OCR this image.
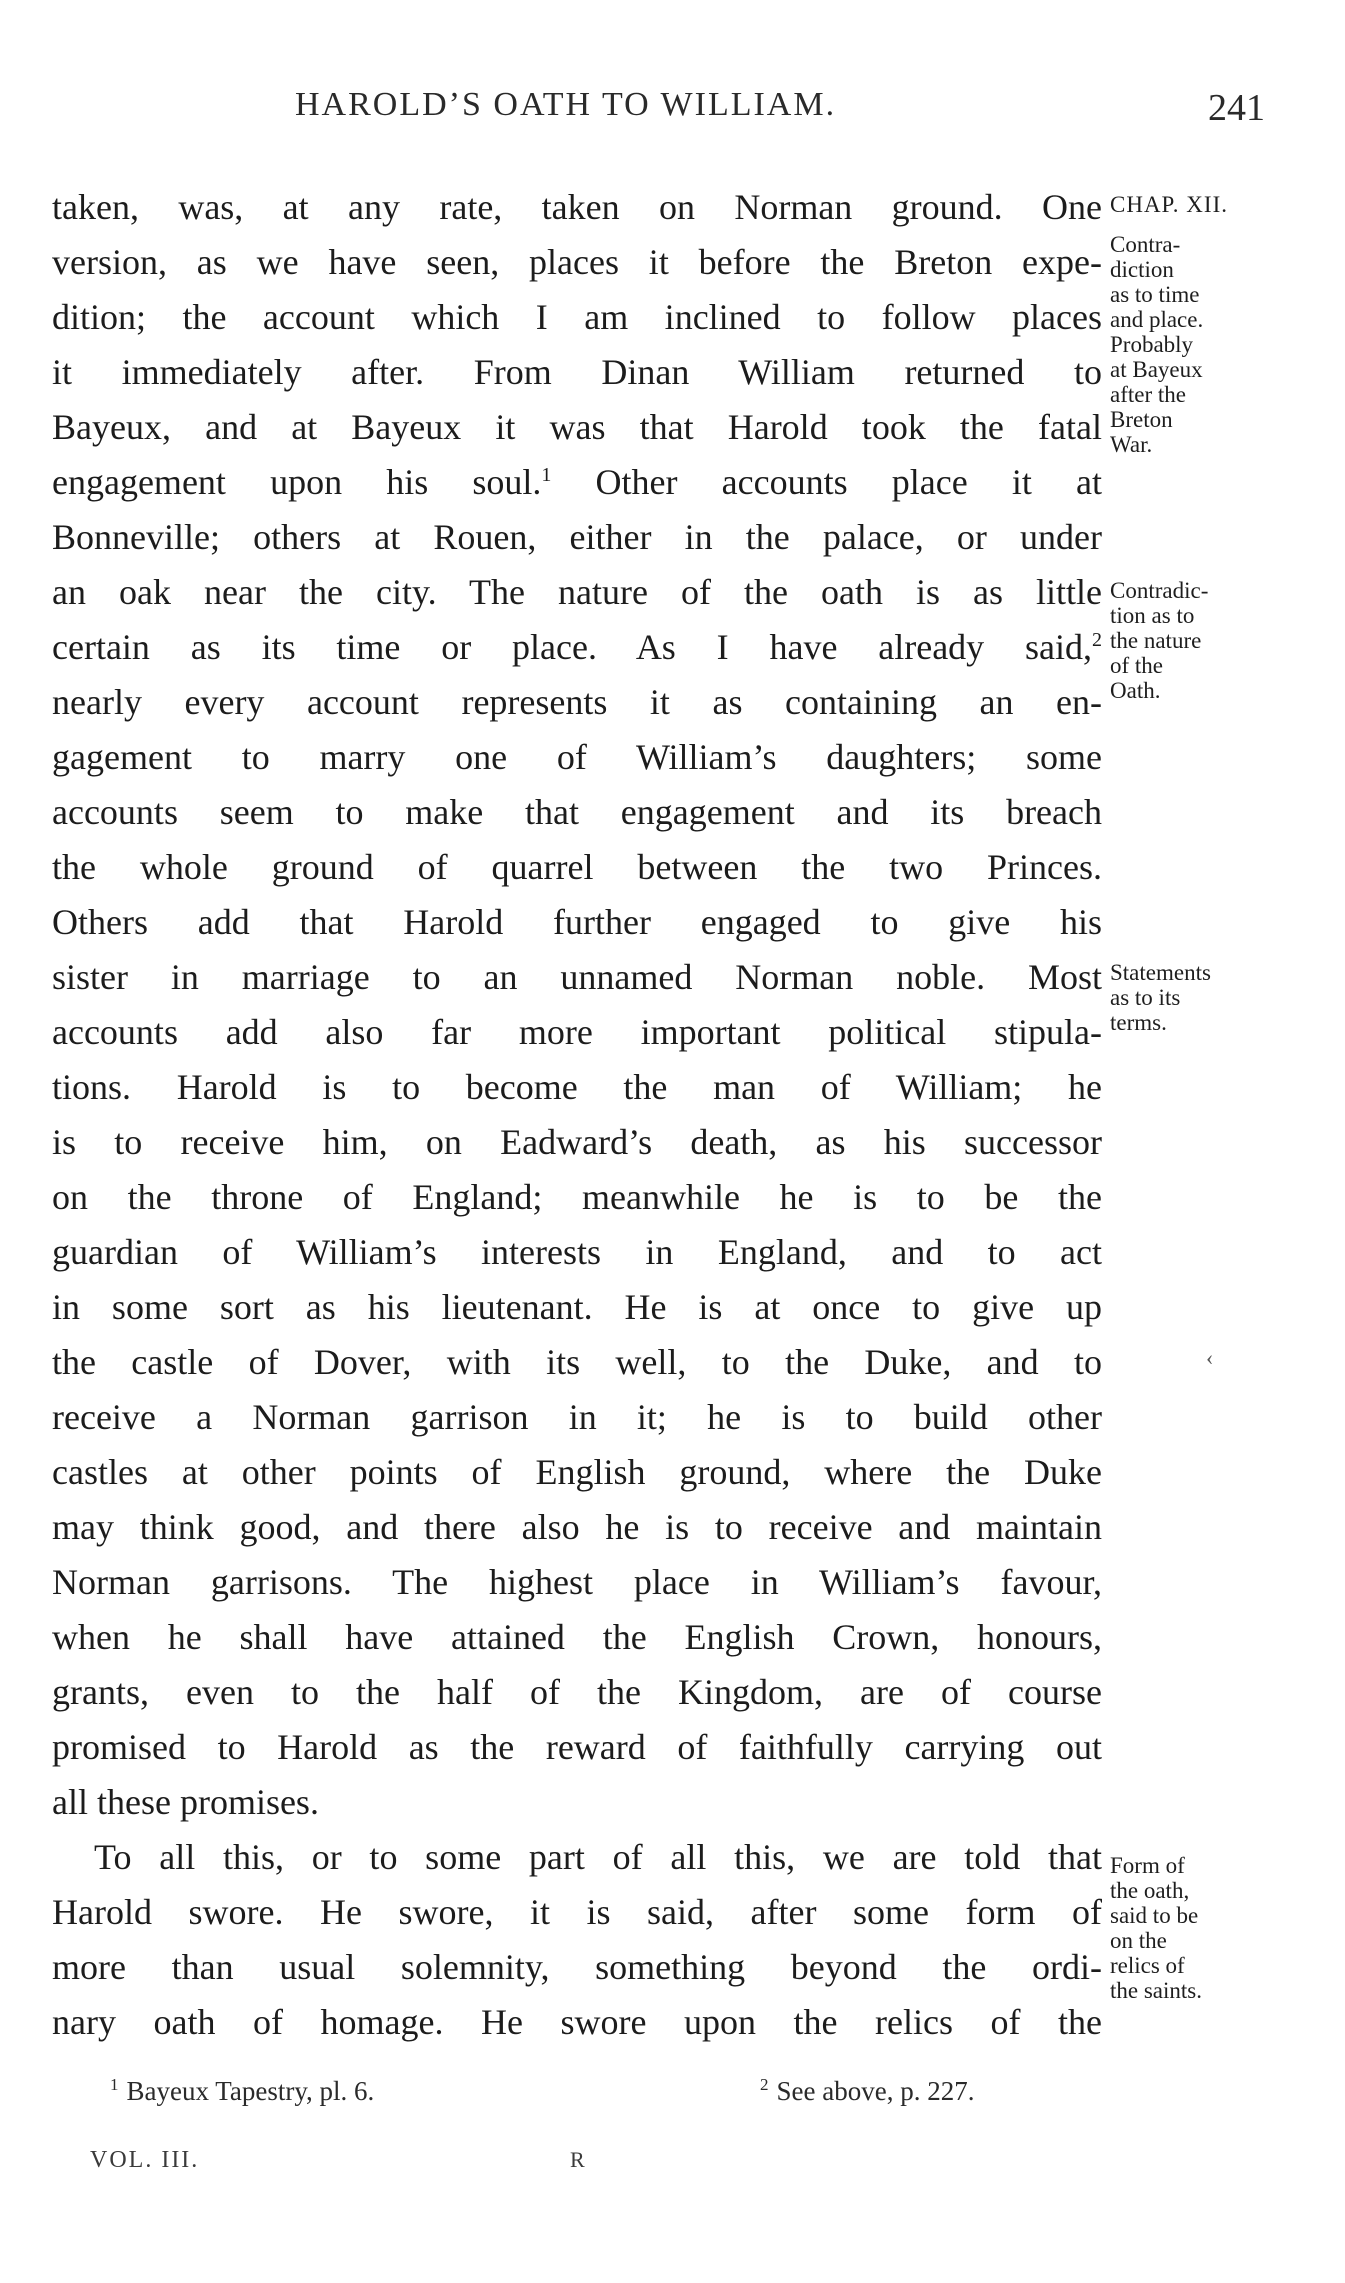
HAROLD’S OATH TO WILLIAM.	241
taken, was, at any rate, taken on Norman ground. One
version, as we have seen, places it before the Breton expe-
dition; the account which I am inclined to follow places
it immediately after. From Dinan William returned to
Bayeux, and at Bayeux it was that Harold took the fatal
engagement upon his soul.$^1$ Other accounts place it at
Bonneville; others at Rouen, either in the palace, or under
an oak near the city. The nature of the oath is as little
certain as its time or place. As I have already said,$^2$
nearly every account represents it as containing an en-
gagement to marry one of William’s daughters; some
accounts seem to make that engagement and its breach
the whole ground of quarrel between the two Princes.
Others add that Harold further engaged to give his
sister in marriage to an unnamed Norman noble. Most
accounts add also far more important political stipula-
tions. Harold is to become the man of William; he
is to receive him, on Eadward’s death, as his successor
on the throne of England; meanwhile he is to be the
guardian of William’s interests in England, and to act
in some sort as his lieutenant. He is at once to give up
the castle of Dover, with its well, to the Duke, and to
receive a Norman garrison in it; he is to build other
castles at other points of English ground, where the Duke
may think good, and there also he is to receive and maintain
Norman garrisons. The highest place in William’s favour,
when he shall have attained the English Crown, honours,
grants, even to the half of the Kingdom, are of course
promised to Harold as the reward of faithfully carrying out
all these promises.
To all this, or to some part of all this, we are told that
Harold swore. He swore, it is said, after some form of
more than usual solemnity, something beyond the ordi-
nary oath of homage. He swore upon the relics of the
CHAP. XII.
Contra-
diction
as to time
and place.
Probably
at Bayeux
after the
Breton
War.
Contradic-
tion as to
the nature
of the
Oath.
Statements
as to its
terms.
Form of
the oath,
said to be
on the
relics of
the saints.
‹
$^1$ Bayeux Tapestry, pl. 6.	$^2$ See above, p. 227.
VOL. III.	R
